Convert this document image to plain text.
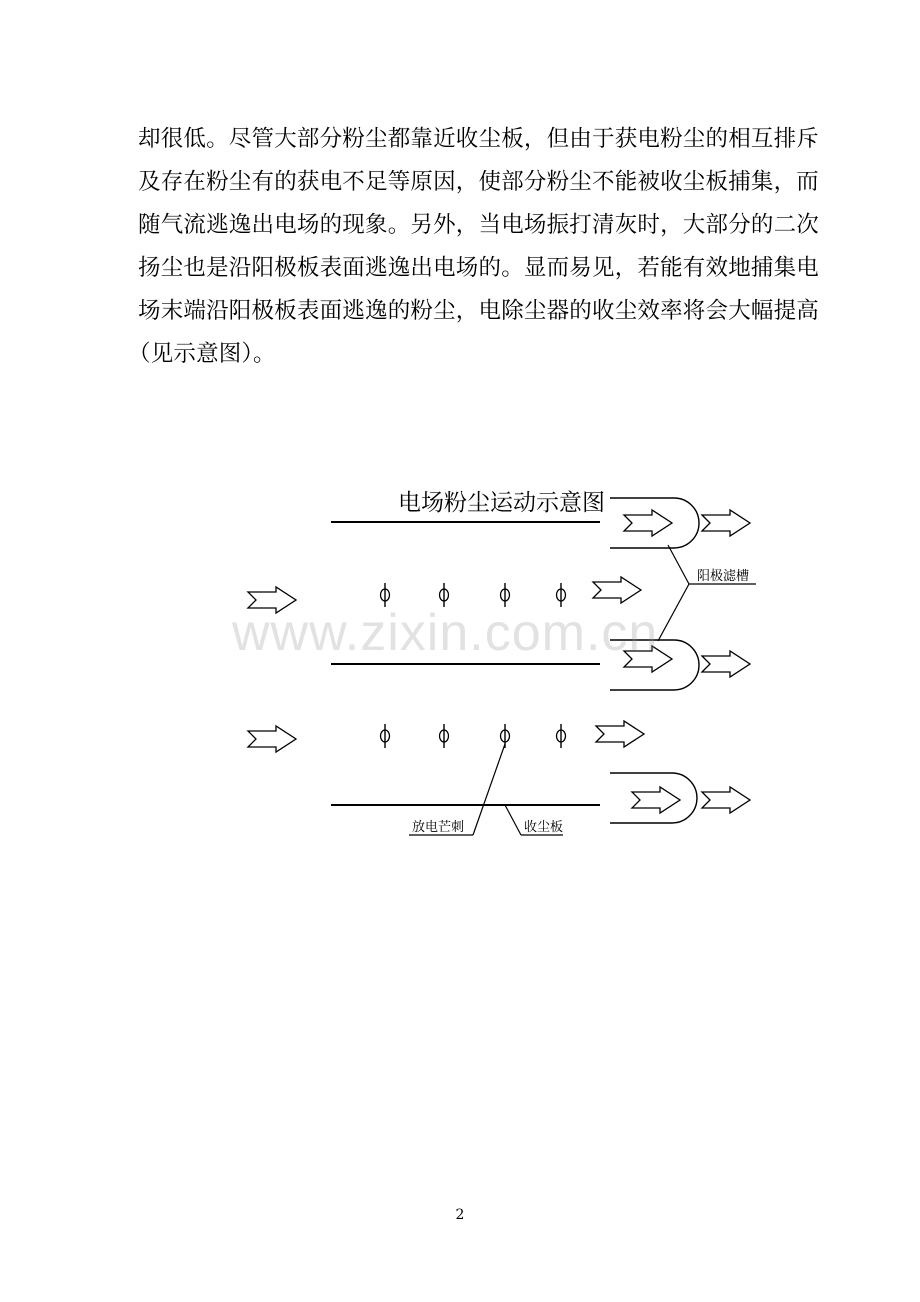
却很低。尽管大部分粉尘都靠近收尘板，但由于获电粉尘的相互排斥
及存在粉尘有的获电不足等原因，使部分粉尘不能被收尘板捕集，而
随气流逃逸出电场的现象。另外，当电场振打清灰时，大部分的二次
扬尘也是沿阳极板表面逃逸出电场的。显而易见，若能有效地捕集电
场末端沿阳极板表面逃逸的粉尘，电除尘器的收尘效率将会大幅提高
（见示意图）。
电场粉尘运动示意图
阳极滤槽
放电芒刺	收尘板
www.zixin.com.cn
2
